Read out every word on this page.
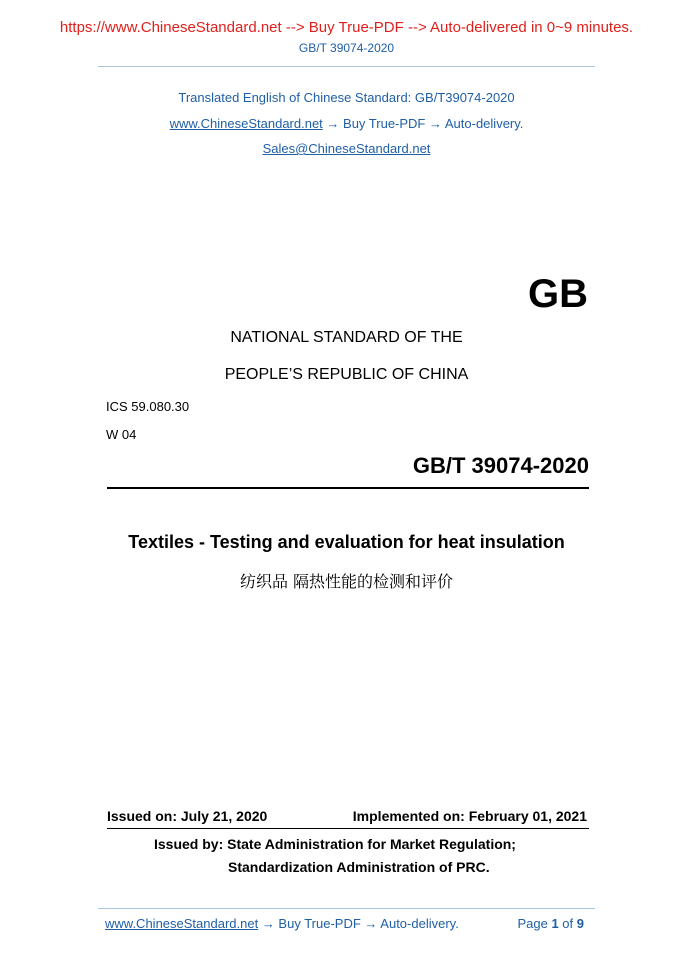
https://www.ChineseStandard.net --> Buy True-PDF --> Auto-delivered in 0~9 minutes.
GB/T 39074-2020
Translated English of Chinese Standard: GB/T39074-2020
www.ChineseStandard.net → Buy True-PDF → Auto-delivery.
Sales@ChineseStandard.net
GB
NATIONAL STANDARD OF THE
PEOPLE’S REPUBLIC OF CHINA
ICS 59.080.30
W 04
GB/T 39074-2020
Textiles - Testing and evaluation for heat insulation
纺织品 隔热性能的检测和评价
Issued on: July 21, 2020	Implemented on: February 01, 2021
Issued by: State Administration for Market Regulation;
Standardization Administration of PRC.
www.ChineseStandard.net → Buy True-PDF → Auto-delivery.	Page 1 of 9
